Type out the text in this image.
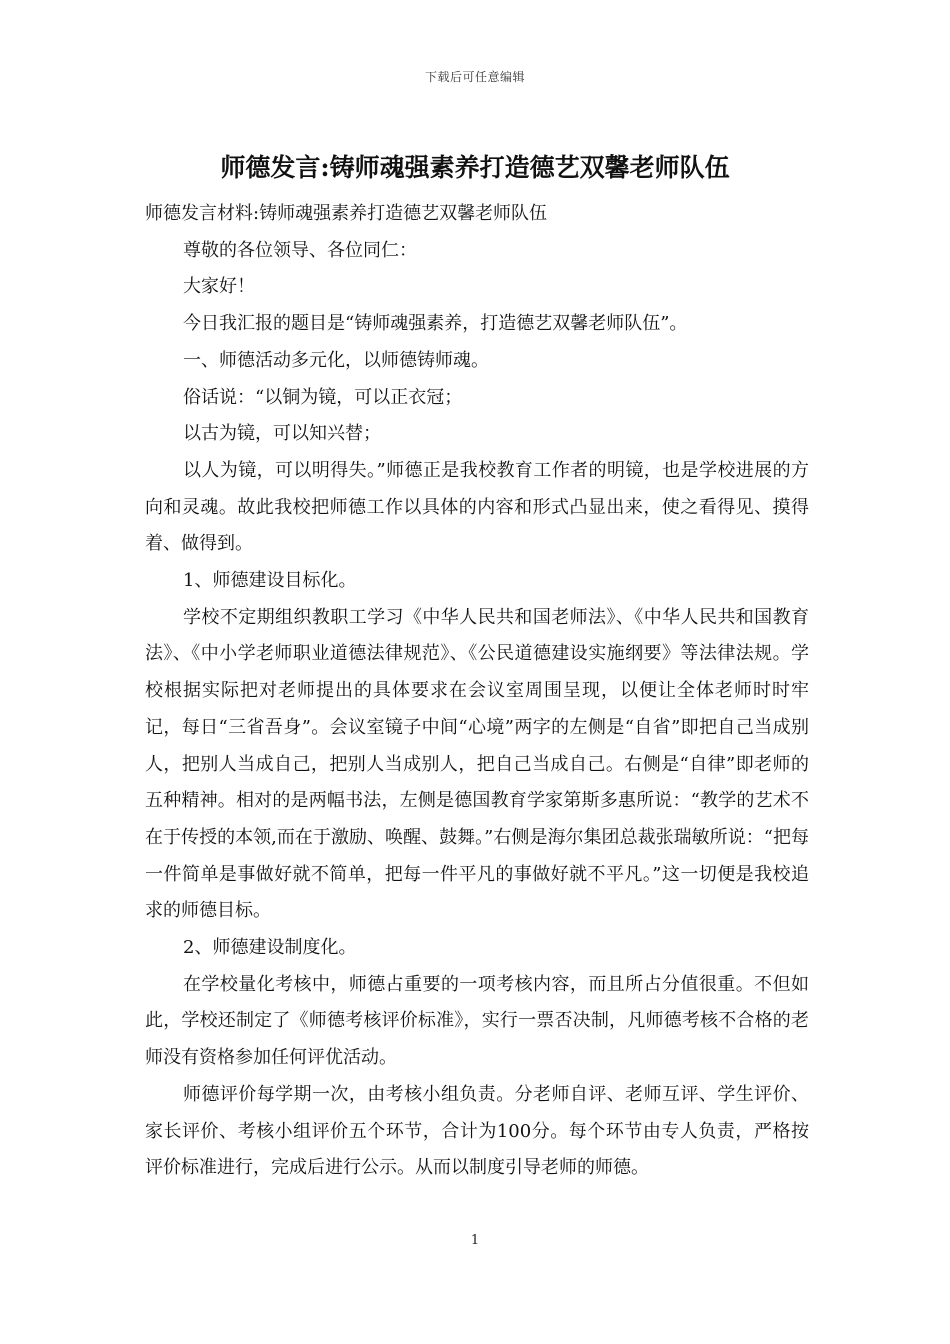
下载后可任意编辑
师德发言:铸师魂强素养打造德艺双馨老师队伍

师德发言材料:铸师魂强素养打造德艺双馨老师队伍

尊敬的各位领导、各位同仁：

大家好！

今日我汇报的题目是“铸师魂强素养，打造德艺双馨老师队伍”。

一、师德活动多元化，以师德铸师魂。

俗话说：“以铜为镜，可以正衣冠；

以古为镜，可以知兴替；

以人为镜，可以明得失。”师德正是我校教育工作者的明镜，也是学校进展的方向和灵魂。故此我校把师德工作以具体的内容和形式凸显出来，使之看得见、摸得着、做得到。

1、师德建设目标化。

学校不定期组织教职工学习《中华人民共和国老师法》、《中华人民共和国教育法》、《中小学老师职业道德法律规范》、《公民道德建设实施纲要》等法律法规。学校根据实际把对老师提出的具体要求在会议室周围呈现，以便让全体老师时时牢记，每日“三省吾身”。会议室镜子中间“心境”两字的左侧是“自省”即把自己当成别人，把别人当成自己，把别人当成别人，把自己当成自己。右侧是“自律”即老师的五种精神。相对的是两幅书法，左侧是德国教育学家第斯多惠所说：“教学的艺术不在于传授的本领,而在于激励、唤醒、鼓舞。”右侧是海尔集团总裁张瑞敏所说：“把每一件简单是事做好就不简单，把每一件平凡的事做好就不平凡。”这一切便是我校追求的师德目标。

2、师德建设制度化。

在学校量化考核中，师德占重要的一项考核内容，而且所占分值很重。不但如此，学校还制定了《师德考核评价标准》，实行一票否决制，凡师德考核不合格的老师没有资格参加任何评优活动。

师德评价每学期一次，由考核小组负责。分老师自评、老师互评、学生评价、家长评价、考核小组评价五个环节，合计为100分。每个环节由专人负责，严格按评价标准进行，完成后进行公示。从而以制度引导老师的师德。

1
